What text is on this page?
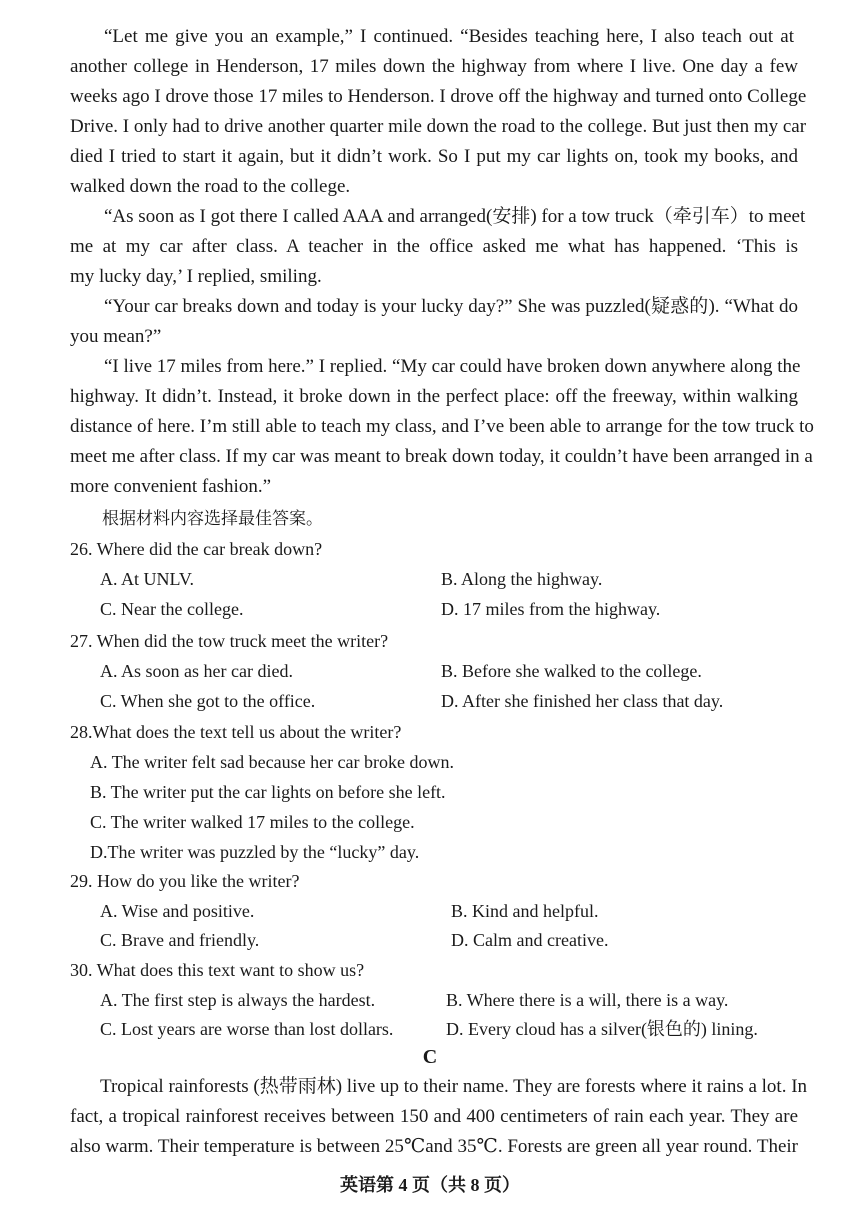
“Let me give you an example,” I continued. “Besides teaching here, I also teach out at
another college in Henderson, 17 miles down the highway from where I live. One day a few
weeks ago I drove those 17 miles to Henderson. I drove off the highway and turned onto College
Drive. I only had to drive another quarter mile down the road to the college. But just then my car
died I tried to start it again, but it didn’t work. So I put my car lights on, took my books, and
walked down the road to the college.
“As soon as I got there I called AAA and arranged(安排) for a tow truck（牵引车）to meet
me at my car after class. A teacher in the office asked me what has happened. ‘This is
my lucky day,’ I replied, smiling.
“Your car breaks down and today is your lucky day?” She was puzzled(疑惑的). “What do
you mean?”
“I live 17 miles from here.” I replied. “My car could have broken down anywhere along the
highway. It didn’t. Instead, it broke down in the perfect place: off the freeway, within walking
distance of here. I’m still able to teach my class, and I’ve been able to arrange for the tow truck to
meet me after class. If my car was meant to break down today, it couldn’t have been arranged in a
more convenient fashion.”
根据材料内容选择最佳答案。
26. Where did the car break down?
A. At UNLV.	B. Along the highway.
C. Near the college.	D. 17 miles from the highway.
27. When did the tow truck meet the writer?
A. As soon as her car died.	B. Before she walked to the college.
C. When she got to the office.	D. After she finished her class that day.
28.What does the text tell us about the writer?
A. The writer felt sad because her car broke down.
B. The writer put the car lights on before she left.
C. The writer walked 17 miles to the college.
D.The writer was puzzled by the “lucky” day.
29. How do you like the writer?
A. Wise and positive.	B. Kind and helpful.
C. Brave and friendly.	D. Calm and creative.
30. What does this text want to show us?
A. The first step is always the hardest.	B. Where there is a will, there is a way.
C. Lost years are worse than lost dollars.	D. Every cloud has a silver(银色的) lining.
C
Tropical rainforests (热带雨林) live up to their name. They are forests where it rains a lot. In
fact, a tropical rainforest receives between 150 and 400 centimeters of rain each year. They are
also warm. Their temperature is between 25℃and 35℃. Forests are green all year round. Their
英语第 4 页（共 8 页）
